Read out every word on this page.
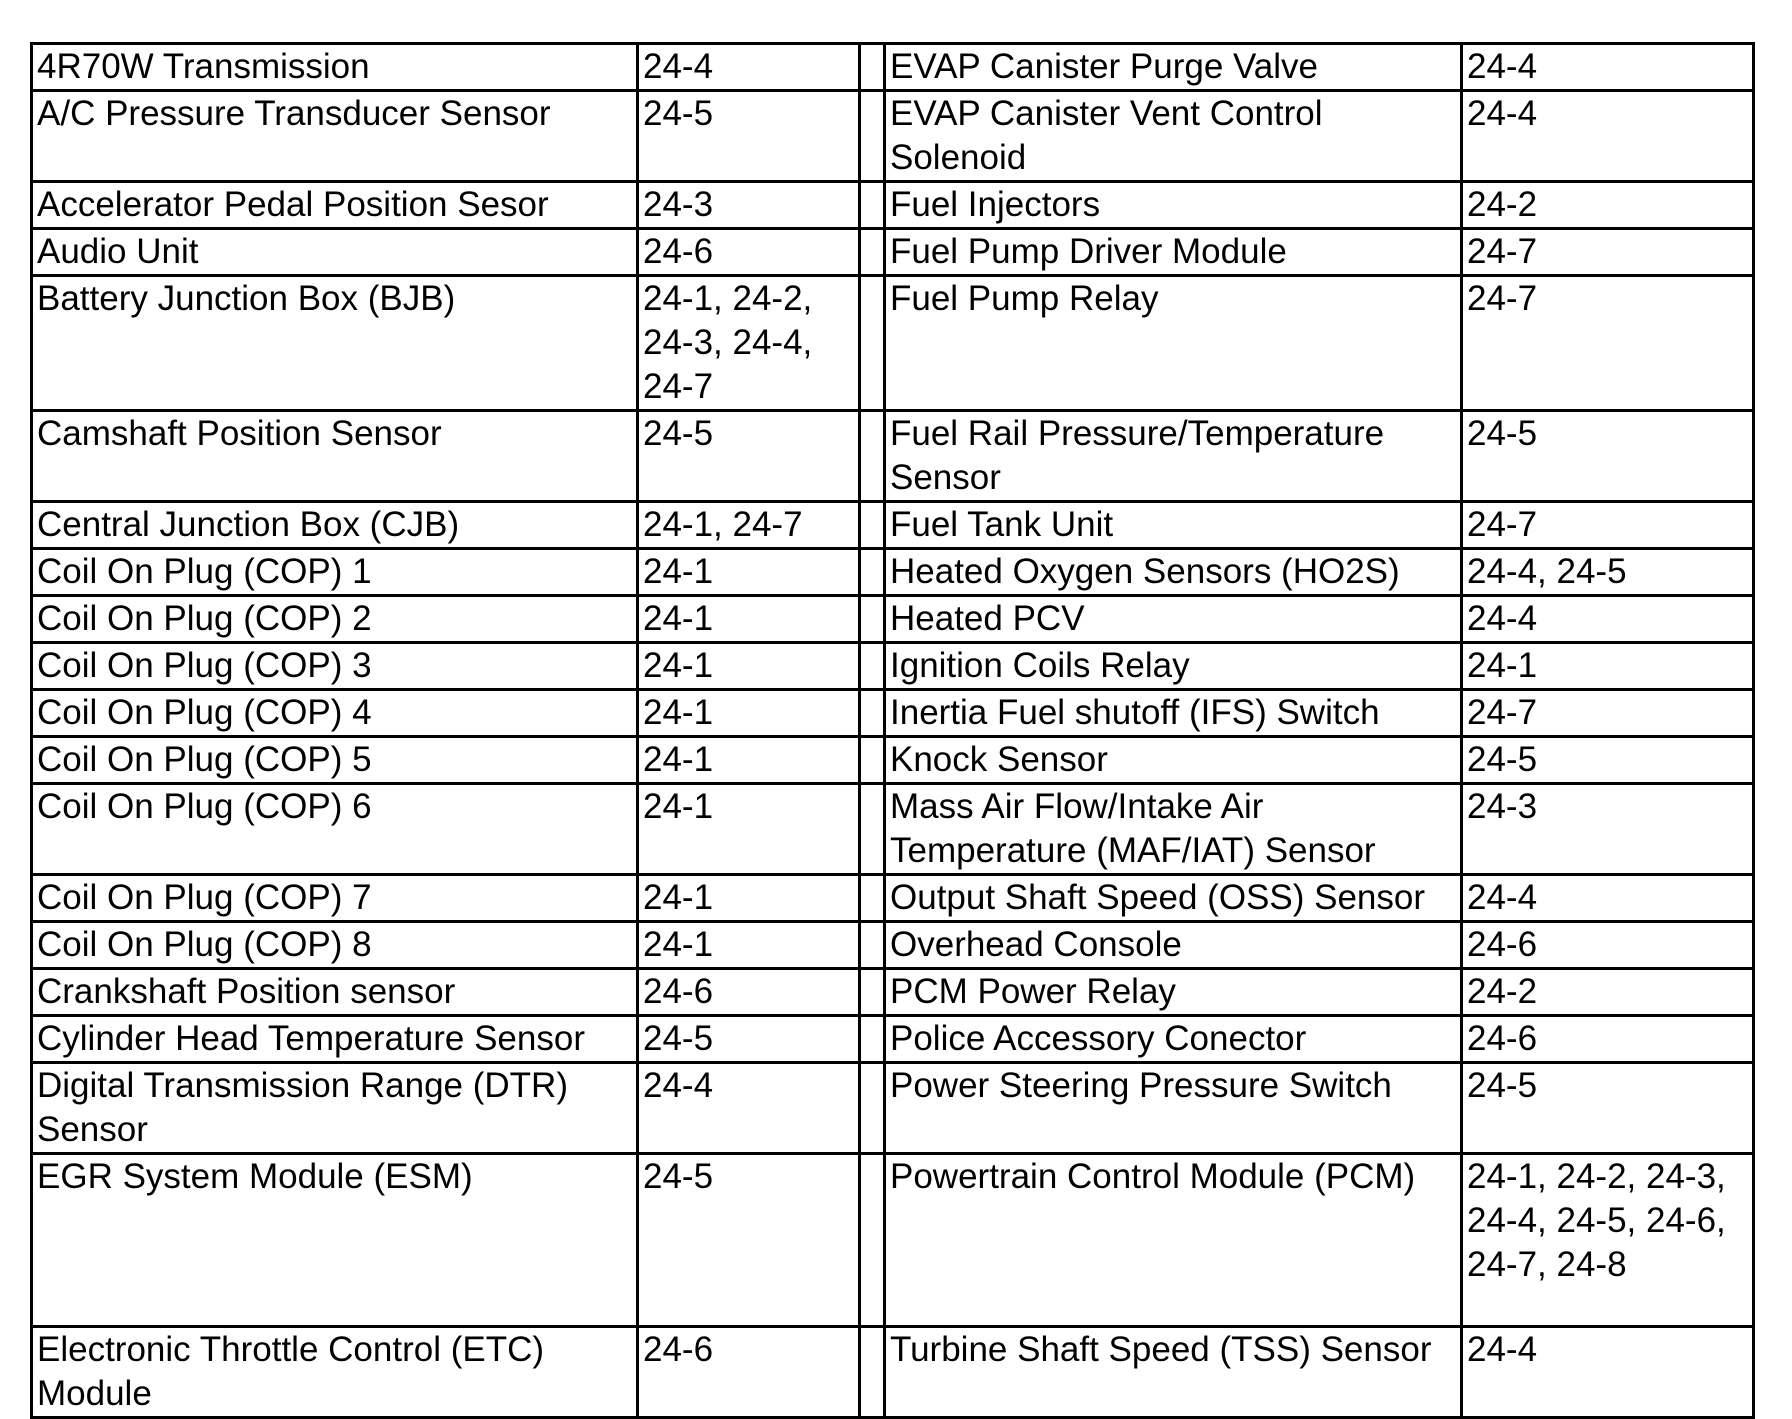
4R70W Transmission	24-4		EVAP Canister Purge Valve	24-4
A/C Pressure Transducer Sensor	24-5		EVAP Canister Vent Control Solenoid	24-4
Accelerator Pedal Position Sesor	24-3		Fuel Injectors	24-2
Audio Unit	24-6		Fuel Pump Driver Module	24-7
Battery Junction Box (BJB)	24-1, 24-2, 24-3, 24-4, 24-7		Fuel Pump Relay	24-7
Camshaft Position Sensor	24-5		Fuel Rail Pressure/Temperature Sensor	24-5
Central Junction Box (CJB)	24-1, 24-7		Fuel Tank Unit	24-7
Coil On Plug (COP) 1	24-1		Heated Oxygen Sensors (HO2S)	24-4, 24-5
Coil On Plug (COP) 2	24-1		Heated PCV	24-4
Coil On Plug (COP) 3	24-1		Ignition Coils Relay	24-1
Coil On Plug (COP) 4	24-1		Inertia Fuel shutoff (IFS) Switch	24-7
Coil On Plug (COP) 5	24-1		Knock Sensor	24-5
Coil On Plug (COP) 6	24-1		Mass Air Flow/Intake Air Temperature (MAF/IAT) Sensor	24-3
Coil On Plug (COP) 7	24-1		Output Shaft Speed (OSS) Sensor	24-4
Coil On Plug (COP) 8	24-1		Overhead Console	24-6
Crankshaft Position sensor	24-6		PCM Power Relay	24-2
Cylinder Head Temperature Sensor	24-5		Police Accessory Conector	24-6
Digital Transmission Range (DTR) Sensor	24-4		Power Steering Pressure Switch	24-5
EGR System Module (ESM)	24-5		Powertrain Control Module (PCM)	24-1, 24-2, 24-3, 24-4, 24-5, 24-6, 24-7, 24-8
Electronic Throttle Control (ETC) Module	24-6		Turbine Shaft Speed (TSS) Sensor	24-4
